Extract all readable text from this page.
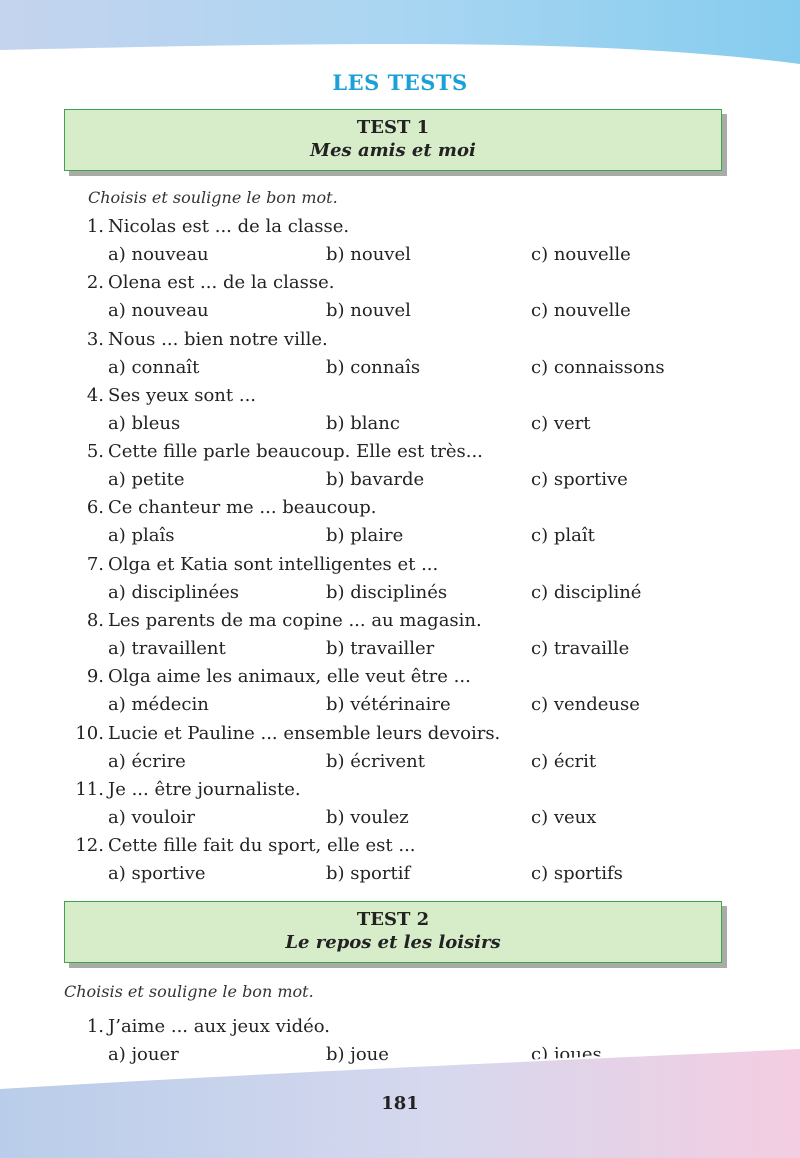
LES TESTS
TEST 1
Mes amis et moi
Choisis et souligne le bon mot.
1. Nicolas est ... de la classe.
a) nouveau	b) nouvel	c) nouvelle
2. Olena est ... de la classe.
a) nouveau	b) nouvel	c) nouvelle
3. Nous ... bien notre ville.
a) connaît	b) connaîs	c) connaissons
4. Ses yeux sont ...
a) bleus	b) blanc	c) vert
5. Cette fille parle beaucoup. Elle est très...
a) petite	b) bavarde	c) sportive
6. Ce chanteur me ... beaucoup.
a) plaîs	b) plaire	c) plaît
7. Olga et Katia sont intelligentes et ...
a) disciplinées	b) disciplinés	c) discipliné
8. Les parents de ma copine ... au magasin.
a) travaillent	b) travailler	c) travaille
9. Olga aime les animaux, elle veut être ...
a) médecin	b) vétérinaire	c) vendeuse
10. Lucie et Pauline ... ensemble leurs devoirs.
a) écrire	b) écrivent	c) écrit
11. Je ... être journaliste.
a) vouloir	b) voulez	c) veux
12. Cette fille fait du sport, elle est ...
a) sportive	b) sportif	c) sportifs
TEST 2
Le repos et les loisirs
Choisis et souligne le bon mot.
1. J’aime ... aux jeux vidéo.
a) jouer	b) joue	c) joues
181
